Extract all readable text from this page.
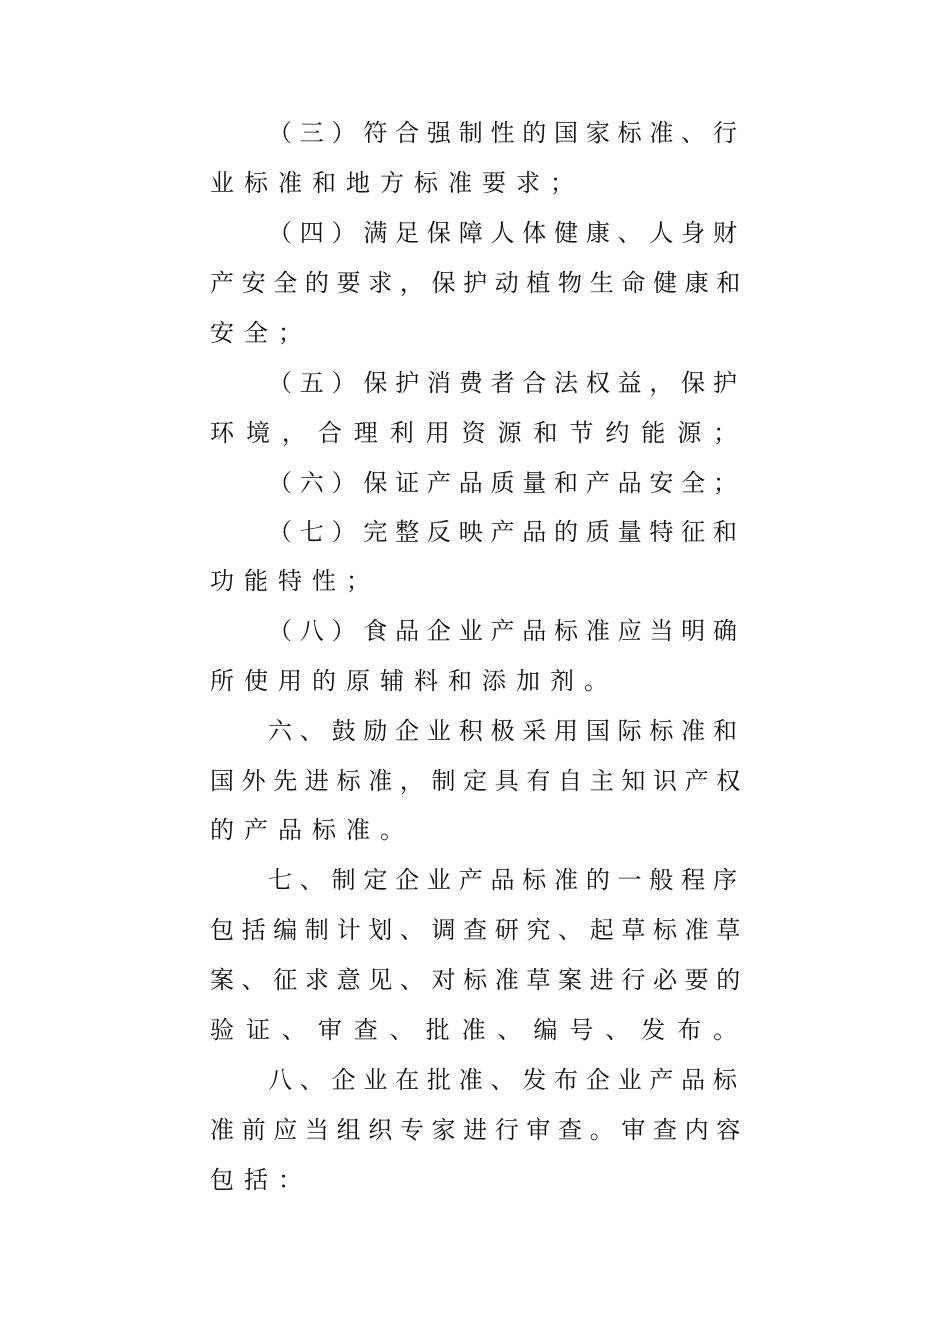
（ 三 ） 符 合 强 制 性 的 国 家 标 准 、 行
业标准和地方标准要求；
（ 四 ） 满 足 保 障 人 体 健 康 、 人 身 财
产 安 全 的 要 求 ， 保 护 动 植 物 生 命 健 康 和
安全；
（ 五 ） 保 护 消 费 者 合 法 权 益 ， 保 护
环 境 ， 合 理 利 用 资 源 和 节 约 能 源 ；
（ 六 ） 保 证 产 品 质 量 和 产 品 安 全 ；
（ 七 ） 完 整 反 映 产 品 的 质 量 特 征 和
功能特性；
（ 八 ） 食 品 企 业 产 品 标 准 应 当 明 确
所使用的原辅料和添加剂。
六 、 鼓 励 企 业 积 极 采 用 国 际 标 准 和
国 外 先 进 标 准 ， 制 定 具 有 自 主 知 识 产 权
的产品标准。
七 、 制 定 企 业 产 品 标 准 的 一 般 程 序
包 括 编 制 计 划 、 调 查 研 究 、 起 草 标 准 草
案 、 征 求 意 见 、 对 标 准 草 案 进 行 必 要 的
验 证 、 审 查 、 批 准 、 编 号 、 发 布 。
八 、 企 业 在 批 准 、 发 布 企 业 产 品 标
准 前 应 当 组 织 专 家 进 行 审 查 。 审 查 内 容
包括：
